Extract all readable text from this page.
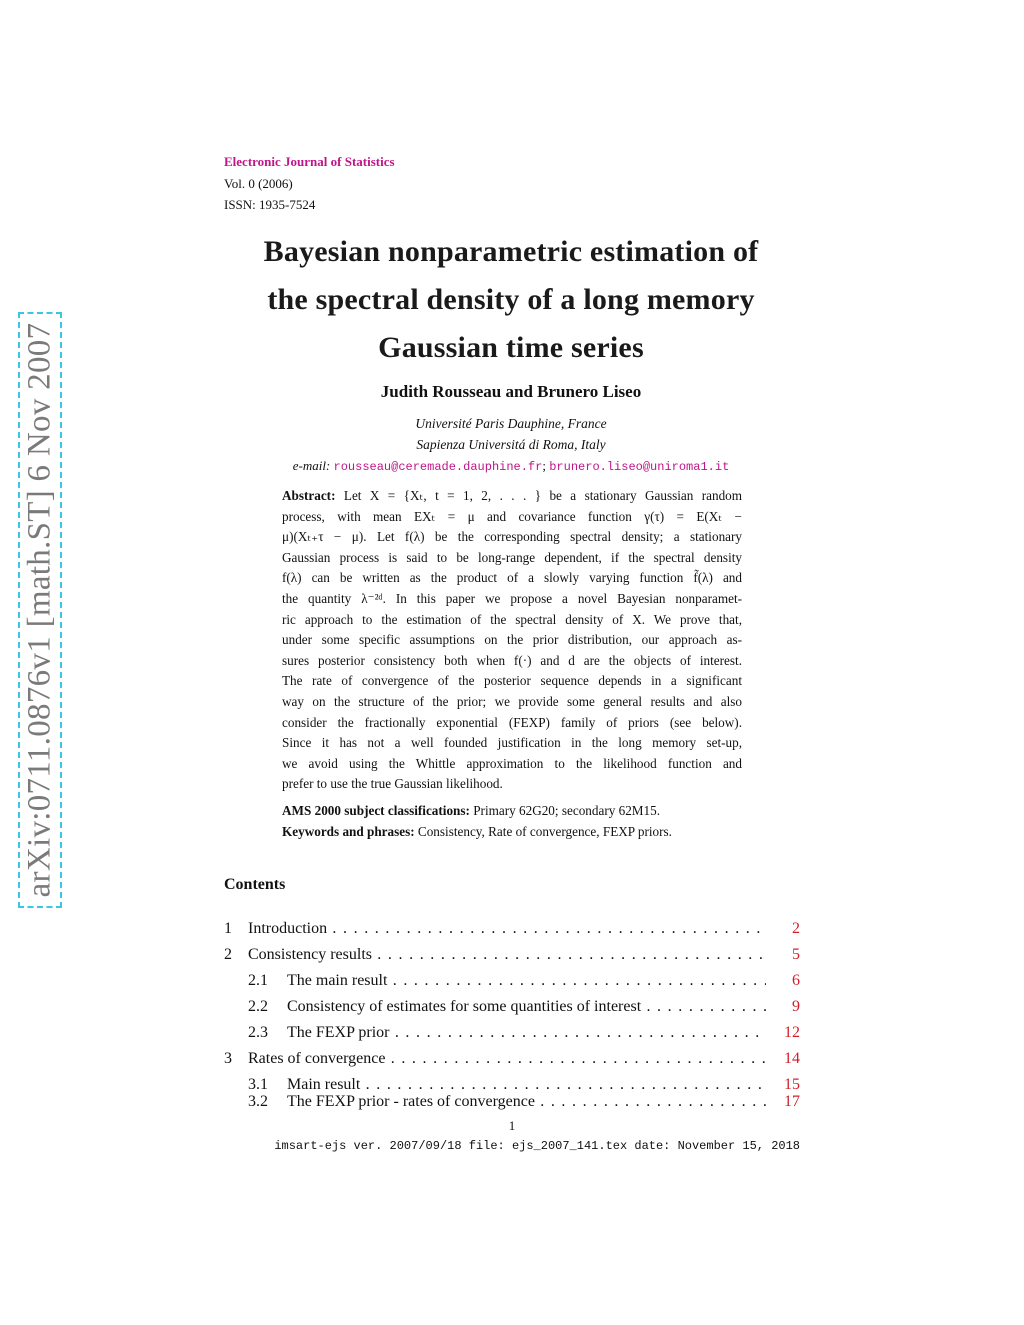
arXiv:0711.0876v1 [math.ST] 6 Nov 2007
Electronic Journal of Statistics
Vol. 0 (2006)
ISSN: 1935-7524
Bayesian nonparametric estimation of
the spectral density of a long memory
Gaussian time series
Judith Rousseau and Brunero Liseo
Université Paris Dauphine, France
Sapienza Universitá di Roma, Italy
e-mail: rousseau@ceremade.dauphine.fr; brunero.liseo@uniroma1.it
Abstract: Let X = {Xₜ, t = 1, 2, . . . } be a stationary Gaussian random
process, with mean EXₜ = μ and covariance function γ(τ) = E(Xₜ −
μ)(Xₜ₊τ − μ). Let f(λ) be the corresponding spectral density; a stationary
Gaussian process is said to be long-range dependent, if the spectral density
f(λ) can be written as the product of a slowly varying function f̃(λ) and
the quantity λ⁻²ᵈ. In this paper we propose a novel Bayesian nonparamet-
ric approach to the estimation of the spectral density of X. We prove that,
under some specific assumptions on the prior distribution, our approach as-
sures posterior consistency both when f(·) and d are the objects of interest.
The rate of convergence of the posterior sequence depends in a significant
way on the structure of the prior; we provide some general results and also
consider the fractionally exponential (FEXP) family of priors (see below).
Since it has not a well founded justification in the long memory set-up,
we avoid using the Whittle approximation to the likelihood function and
prefer to use the true Gaussian likelihood.
AMS 2000 subject classifications: Primary 62G20; secondary 62M15.
Keywords and phrases: Consistency, Rate of convergence, FEXP priors.
Contents
1 Introduction . . .	2
2 Consistency results . . .	5
2.1 The main result . . .	6
2.2 Consistency of estimates for some quantities of interest . . .	9
2.3 The FEXP prior . . .	12
3 Rates of convergence . . .	14
3.1 Main result . . .	15
3.2 The FEXP prior - rates of convergence . . .	17
1
imsart-ejs ver. 2007/09/18 file: ejs_2007_141.tex date: November 15, 2018
